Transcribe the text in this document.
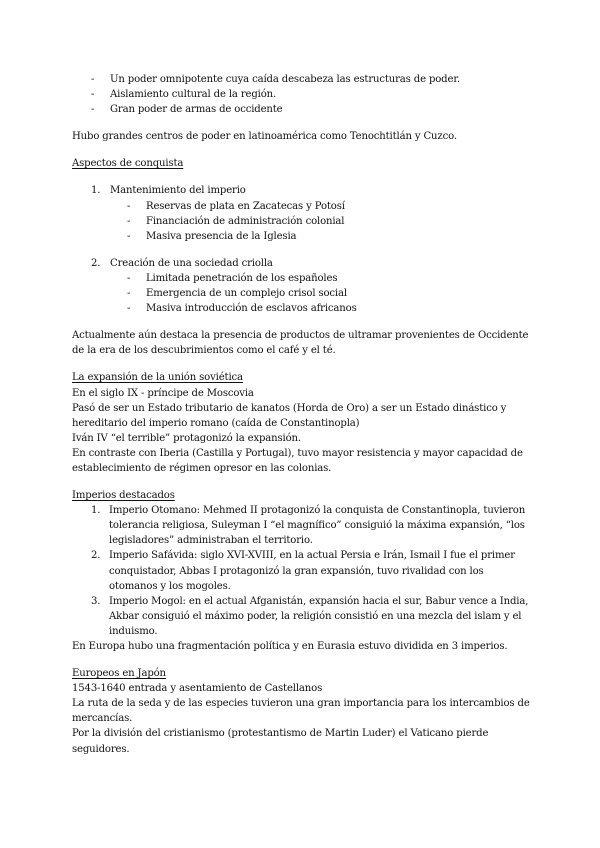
- Un poder omnipotente cuya caída descabeza las estructuras de poder.
- Aislamiento cultural de la región.
- Gran poder de armas de occidente
Hubo grandes centros de poder en latinoamérica como Tenochtitlán y Cuzco.
Aspectos de conquista
1. Mantenimiento del imperio
- Reservas de plata en Zacatecas y Potosí
- Financiación de administración colonial
- Masiva presencia de la Iglesia
2. Creación de una sociedad criolla
- Limitada penetración de los españoles
- Emergencia de un complejo crisol social
- Masiva introducción de esclavos africanos
Actualmente aún destaca la presencia de productos de ultramar provenientes de Occidente
de la era de los descubrimientos como el café y el té.
La expansión de la unión soviética
En el siglo IX - príncipe de Moscovia
Pasó de ser un Estado tributario de kanatos (Horda de Oro) a ser un Estado dinástico y
hereditario del imperio romano (caída de Constantinopla)
Iván IV “el terrible” protagonizó la expansión.
En contraste con Iberia (Castilla y Portugal), tuvo mayor resistencia y mayor capacidad de
establecimiento de régimen opresor en las colonias.
Imperios destacados
1. Imperio Otomano: Mehmed II protagonizó la conquista de Constantinopla, tuvieron
tolerancia religiosa, Suleyman I “el magnífico” consiguió la máxima expansión, “los
legisladores” administraban el territorio.
2. Imperio Safávida: siglo XVI-XVIII, en la actual Persia e Irán, Ismail I fue el primer
conquistador, Abbas I protagonizó la gran expansión, tuvo rivalidad con los
otomanos y los mogoles.
3. Imperio Mogol: en el actual Afganistán, expansión hacia el sur, Babur vence a India,
Akbar consiguió el máximo poder, la religión consistió en una mezcla del islam y el
induismo.
En Europa hubo una fragmentación política y en Eurasia estuvo dividida en 3 imperios.
Europeos en Japón
1543-1640 entrada y asentamiento de Castellanos
La ruta de la seda y de las especies tuvieron una gran importancia para los intercambios de
mercancías.
Por la división del cristianismo (protestantismo de Martin Luder) el Vaticano pierde
seguidores.
